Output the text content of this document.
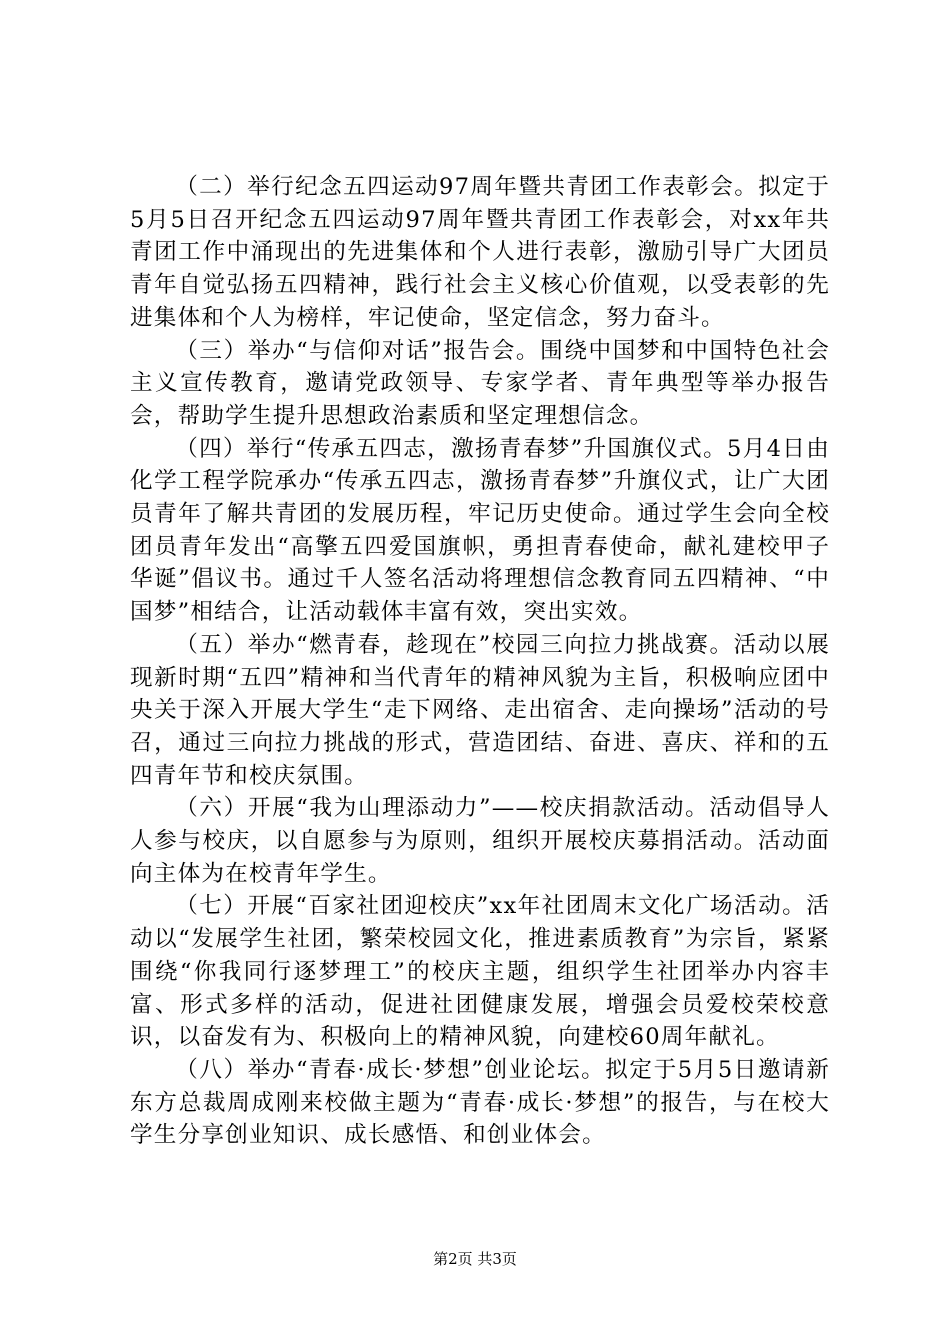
（二）举行纪念五四运动97周年暨共青团工作表彰会。拟定于5月5日召开纪念五四运动97周年暨共青团工作表彰会，对xx年共青团工作中涌现出的先进集体和个人进行表彰，激励引导广大团员青年自觉弘扬五四精神，践行社会主义核心价值观，以受表彰的先进集体和个人为榜样，牢记使命，坚定信念，努力奋斗。

（三）举办“与信仰对话”报告会。围绕中国梦和中国特色社会主义宣传教育，邀请党政领导、专家学者、青年典型等举办报告会，帮助学生提升思想政治素质和坚定理想信念。

（四）举行“传承五四志，激扬青春梦”升国旗仪式。5月4日由化学工程学院承办“传承五四志，激扬青春梦”升旗仪式，让广大团员青年了解共青团的发展历程，牢记历史使命。通过学生会向全校团员青年发出“高擎五四爱国旗帜，勇担青春使命，献礼建校甲子华诞”倡议书。通过千人签名活动将理想信念教育同五四精神、“中国梦”相结合，让活动载体丰富有效，突出实效。

（五）举办“燃青春，趁现在”校园三向拉力挑战赛。活动以展现新时期“五四”精神和当代青年的精神风貌为主旨，积极响应团中央关于深入开展大学生“走下网络、走出宿舍、走向操场”活动的号召，通过三向拉力挑战的形式，营造团结、奋进、喜庆、祥和的五四青年节和校庆氛围。

（六）开展“我为山理添动力”——校庆捐款活动。活动倡导人人参与校庆，以自愿参与为原则，组织开展校庆募捐活动。活动面向主体为在校青年学生。

（七）开展“百家社团迎校庆”xx年社团周末文化广场活动。活动以“发展学生社团，繁荣校园文化，推进素质教育”为宗旨，紧紧围绕“你我同行逐梦理工”的校庆主题，组织学生社团举办内容丰富、形式多样的活动，促进社团健康发展，增强会员爱校荣校意识，以奋发有为、积极向上的精神风貌，向建校60周年献礼。

（八）举办“青春·成长·梦想”创业论坛。拟定于5月5日邀请新东方总裁周成刚来校做主题为“青春·成长·梦想”的报告，与在校大学生分享创业知识、成长感悟、和创业体会。

第2页 共3页
